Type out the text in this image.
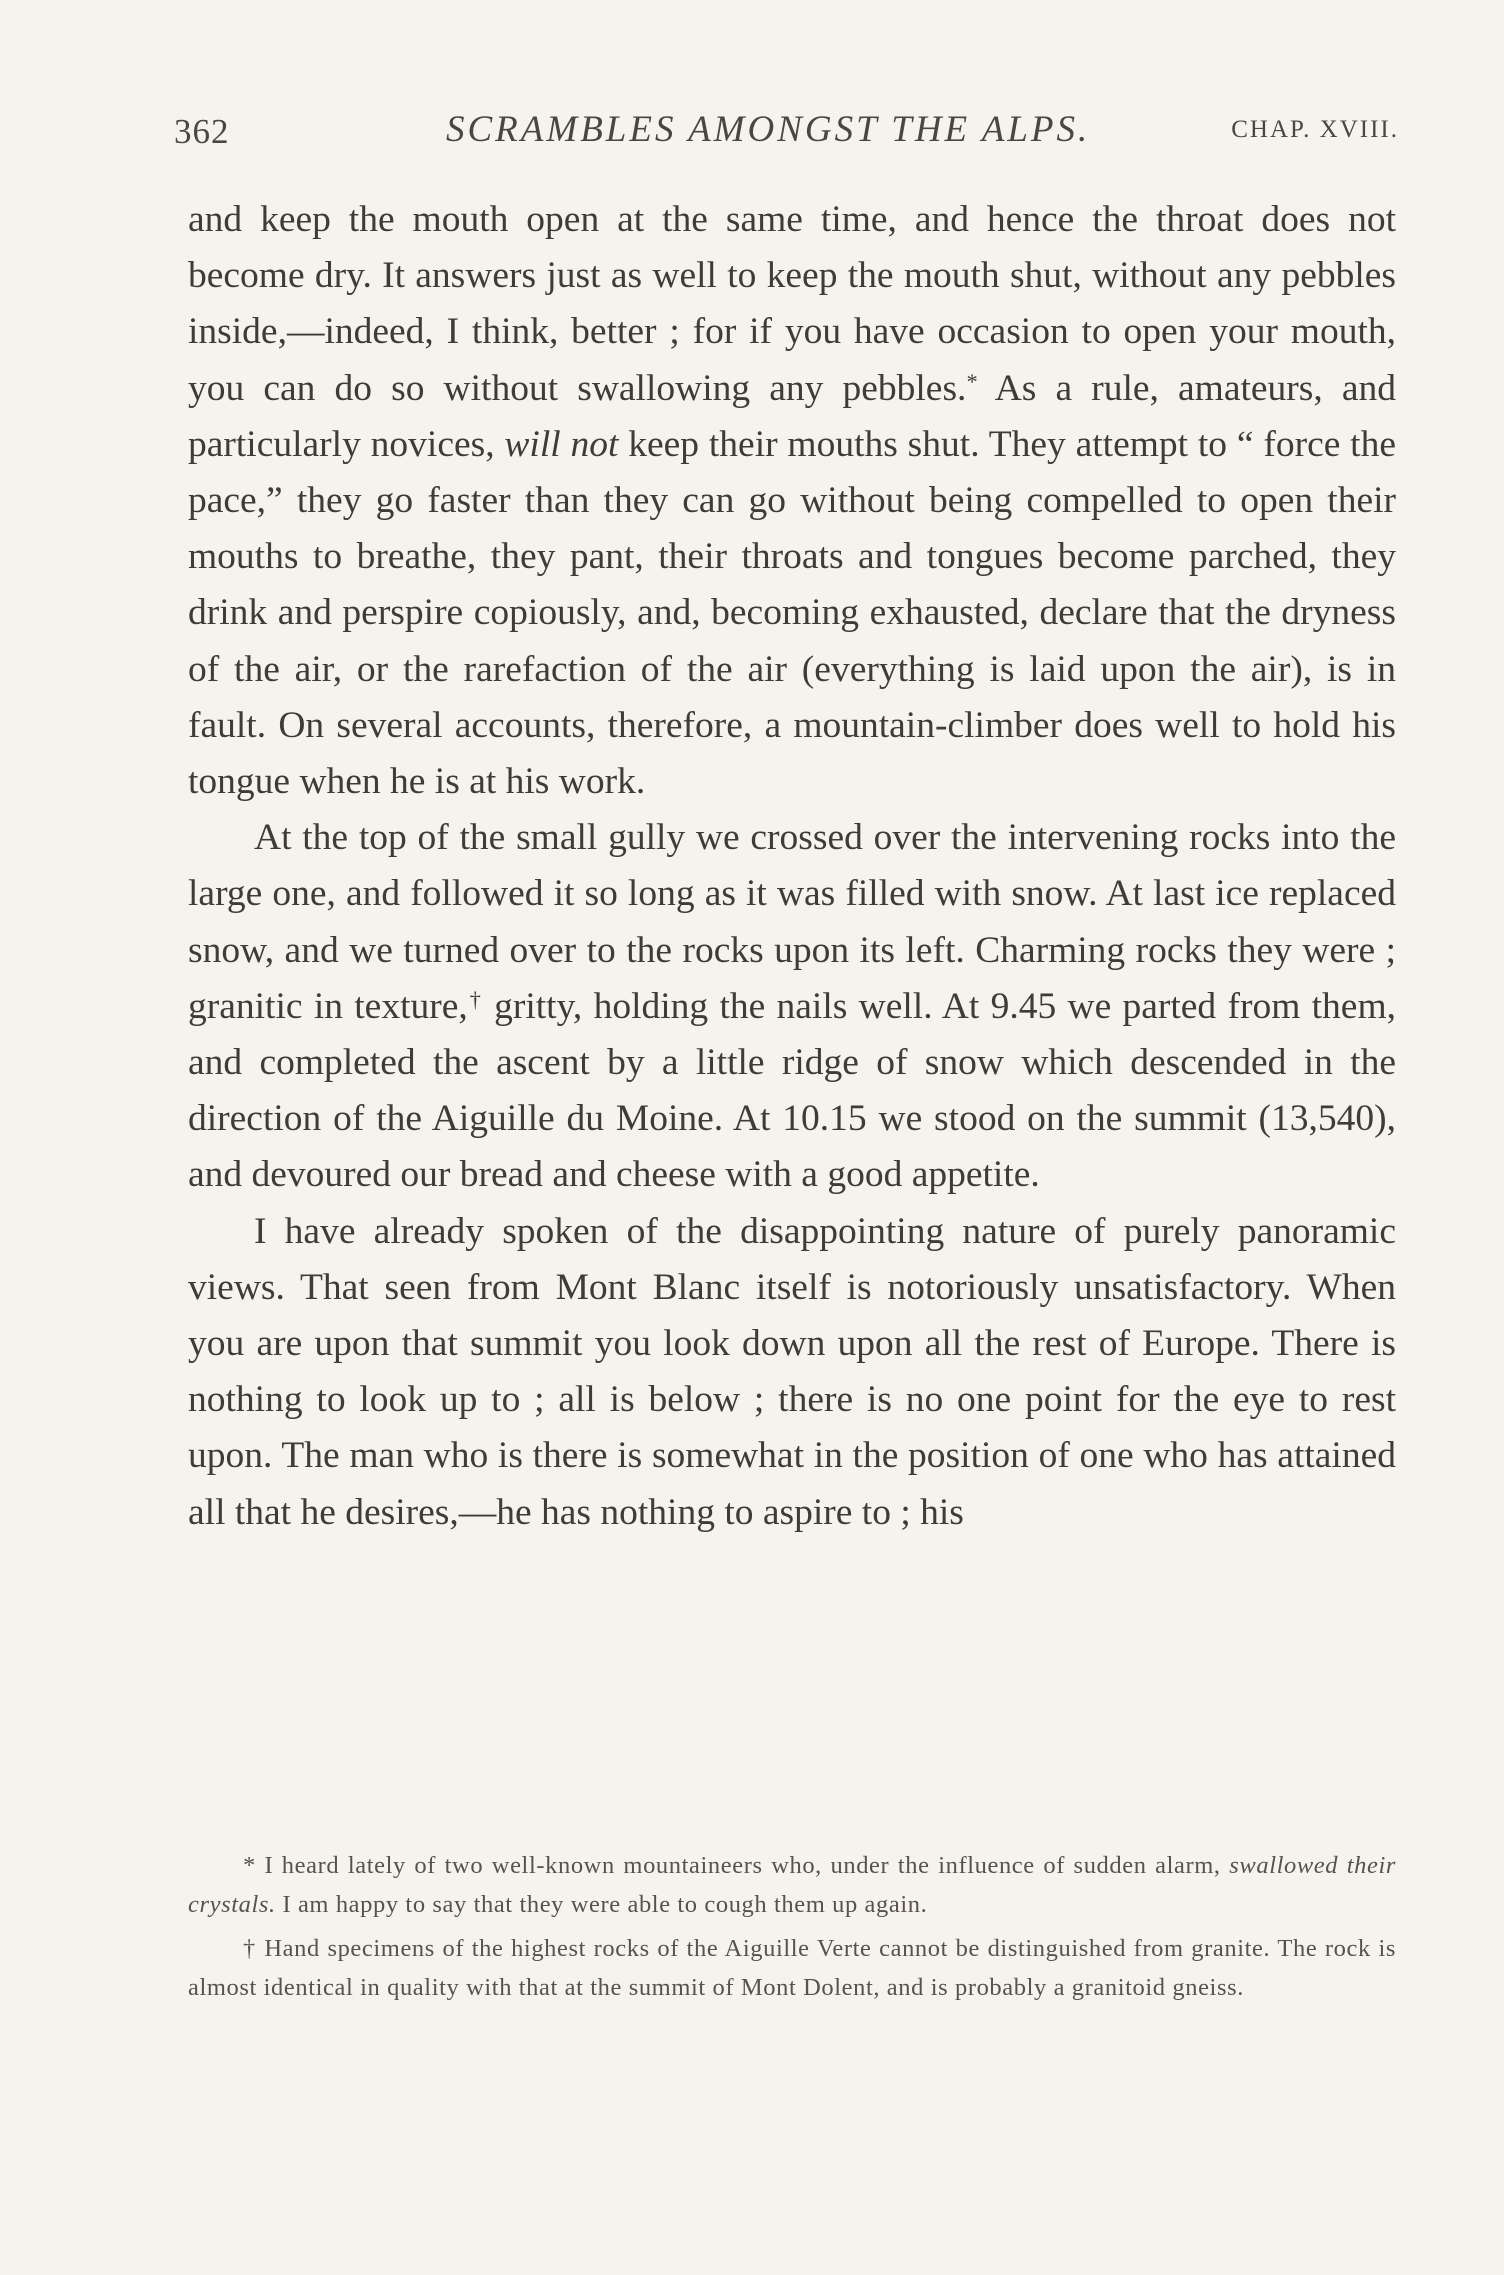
362	SCRAMBLES AMONGST THE ALPS.	CHAP. XVIII.

and keep the mouth open at the same time, and hence the throat does not become dry. It answers just as well to keep the mouth shut, without any pebbles inside,—indeed, I think, better ; for if you have occasion to open your mouth, you can do so without swallowing any pebbles.* As a rule, amateurs, and particularly novices, will not keep their mouths shut. They attempt to “ force the pace,” they go faster than they can go without being compelled to open their mouths to breathe, they pant, their throats and tongues become parched, they drink and perspire copiously, and, becoming exhausted, declare that the dryness of the air, or the rarefaction of the air (everything is laid upon the air), is in fault. On several accounts, therefore, a mountain-climber does well to hold his tongue when he is at his work.

At the top of the small gully we crossed over the intervening rocks into the large one, and followed it so long as it was filled with snow. At last ice replaced snow, and we turned over to the rocks upon its left. Charming rocks they were ; granitic in texture,† gritty, holding the nails well. At 9.45 we parted from them, and completed the ascent by a little ridge of snow which descended in the direction of the Aiguille du Moine. At 10.15 we stood on the summit (13,540), and devoured our bread and cheese with a good appetite.

I have already spoken of the disappointing nature of purely panoramic views. That seen from Mont Blanc itself is notoriously unsatisfactory. When you are upon that summit you look down upon all the rest of Europe. There is nothing to look up to ; all is below ; there is no one point for the eye to rest upon. The man who is there is somewhat in the position of one who has attained all that he desires,—he has nothing to aspire to ; his

* I heard lately of two well-known mountaineers who, under the influence of sudden alarm, swallowed their crystals. I am happy to say that they were able to cough them up again.

† Hand specimens of the highest rocks of the Aiguille Verte cannot be distinguished from granite. The rock is almost identical in quality with that at the summit of Mont Dolent, and is probably a granitoid gneiss.
